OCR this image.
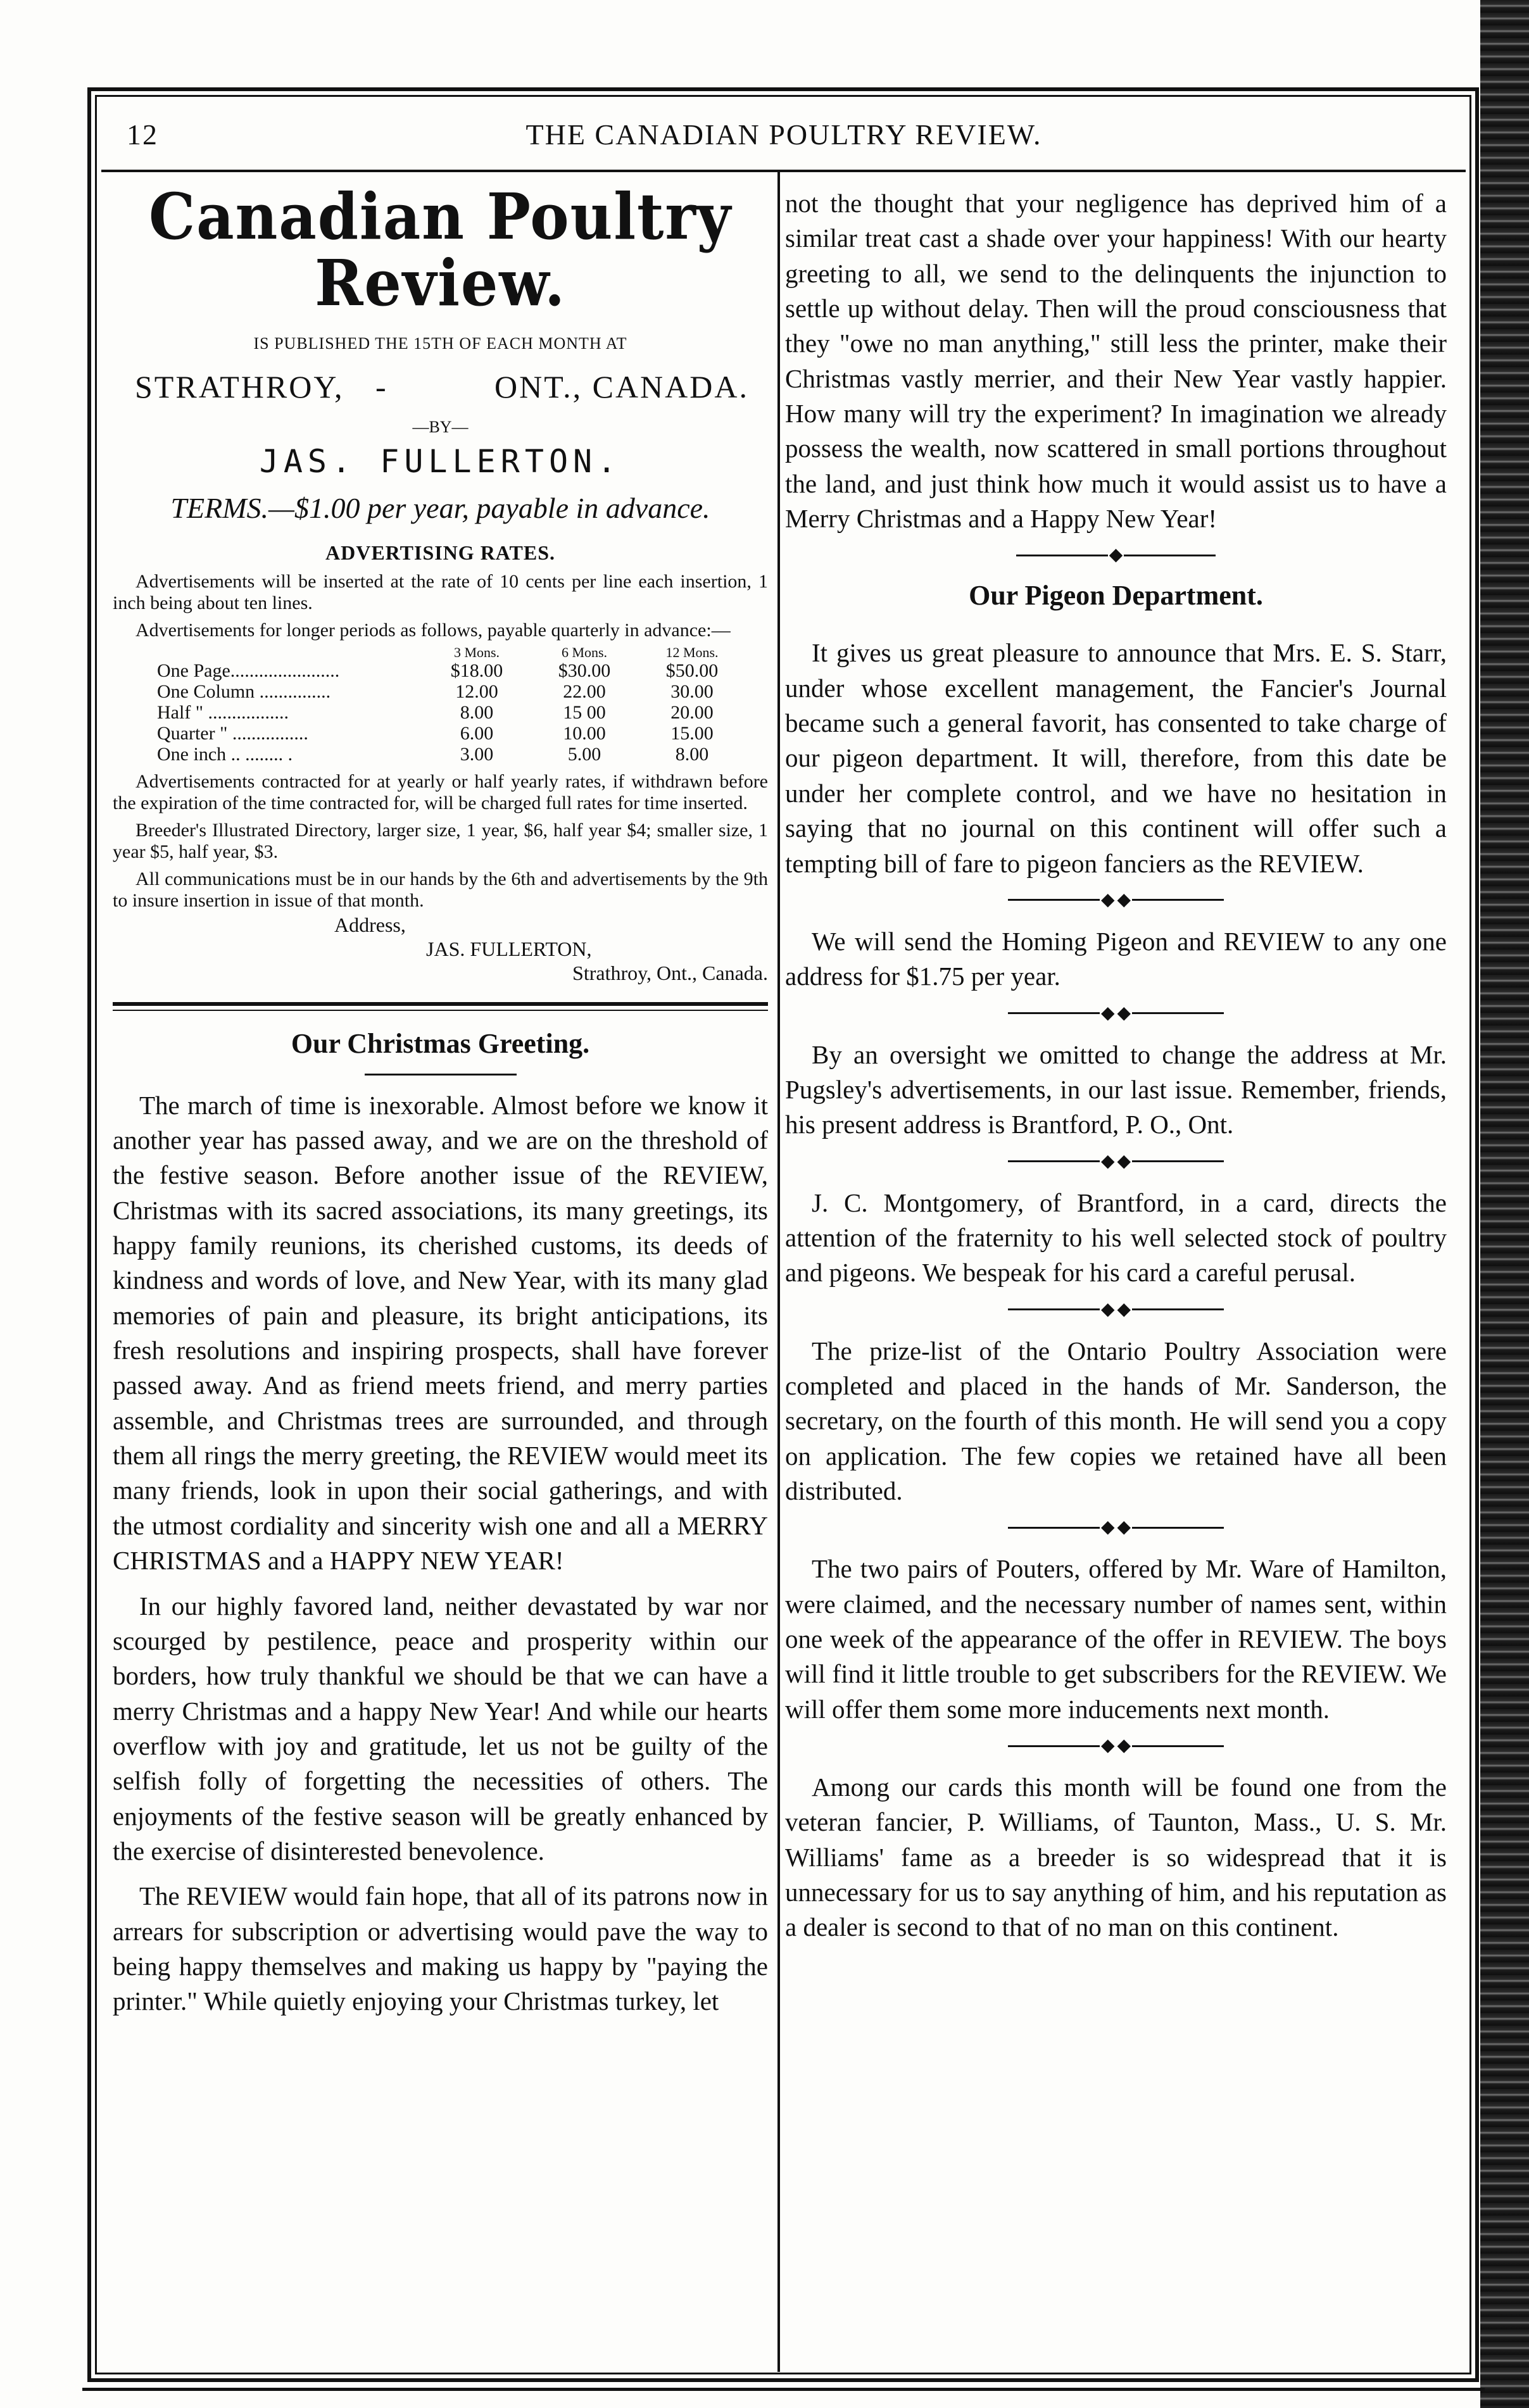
12	THE CANADIAN POULTRY REVIEW.
Canadian Poultry Review.
IS PUBLISHED THE 15TH OF EACH MONTH AT
STRATHROY, -	ONT., CANADA.
—BY—
JAS. FULLERTON.
TERMS.—$1.00 per year, payable in advance.
ADVERTISING RATES.

Advertisements will be inserted at the rate of 10 cents per line each insertion, 1 inch being about ten lines.

Advertisements for longer periods as follows, payable quarterly in advance:—

	3 Mons.	6 Mons.	12 Mons.
One Page.......................	$18.00	$30.00	$50.00
One Column ...............	12.00	22.00	30.00
Half " .................	8.00	15 00	20.00
Quarter " ................	6.00	10.00	15.00
One inch .. ........ .	3.00	5.00	8.00

Advertisements contracted for at yearly or half yearly rates, if withdrawn before the expiration of the time contracted for, will be charged full rates for time inserted.

Breeder's Illustrated Directory, larger size, 1 year, $6, half year $4; smaller size, 1 year $5, half year, $3.

All communications must be in our hands by the 6th and advertisements by the 9th to insure insertion in issue of that month.

Address,
JAS. FULLERTON,
Strathroy, Ont., Canada.
Our Christmas Greeting.

The march of time is inexorable. Almost before we know it another year has passed away, and we are on the threshold of the festive season. Before another issue of the REVIEW, Christmas with its sacred associations, its many greetings, its happy family reunions, its cherished customs, its deeds of kindness and words of love, and New Year, with its many glad memories of pain and pleasure, its bright anticipations, its fresh resolutions and inspiring prospects, shall have forever passed away. And as friend meets friend, and merry parties assemble, and Christmas trees are surrounded, and through them all rings the merry greeting, the REVIEW would meet its many friends, look in upon their social gatherings, and with the utmost cordiality and sincerity wish one and all a MERRY CHRISTMAS and a HAPPY NEW YEAR!

In our highly favored land, neither devastated by war nor scourged by pestilence, peace and prosperity within our borders, how truly thankful we should be that we can have a merry Christmas and a happy New Year! And while our hearts overflow with joy and gratitude, let us not be guilty of the selfish folly of forgetting the necessities of others. The enjoyments of the festive season will be greatly enhanced by the exercise of disinterested benevolence.

The REVIEW would fain hope, that all of its patrons now in arrears for subscription or advertising would pave the way to being happy themselves and making us happy by "paying the printer." While quietly enjoying your Christmas turkey, let

not the thought that your negligence has deprived him of a similar treat cast a shade over your happiness! With our hearty greeting to all, we send to the delinquents the injunction to settle up without delay. Then will the proud consciousness that they "owe no man anything," still less the printer, make their Christmas vastly merrier, and their New Year vastly happier. How many will try the experiment? In imagination we already possess the wealth, now scattered in small portions throughout the land, and just think how much it would assist us to have a Merry Christmas and a Happy New Year!

◆
Our Pigeon Department.

It gives us great pleasure to announce that Mrs. E. S. Starr, under whose excellent management, the Fancier's Journal became such a general favorit, has consented to take charge of our pigeon department. It will, therefore, from this date be under her complete control, and we have no hesitation in saying that no journal on this continent will offer such a tempting bill of fare to pigeon fanciers as the REVIEW.

◆ ◆

We will send the Homing Pigeon and REVIEW to any one address for $1.75 per year.

◆ ◆

By an oversight we omitted to change the address at Mr. Pugsley's advertisements, in our last issue. Remember, friends, his present address is Brantford, P. O., Ont.

◆ ◆

J. C. Montgomery, of Brantford, in a card, directs the attention of the fraternity to his well selected stock of poultry and pigeons. We bespeak for his card a careful perusal.

◆ ◆

The prize-list of the Ontario Poultry Association were completed and placed in the hands of Mr. Sanderson, the secretary, on the fourth of this month. He will send you a copy on application. The few copies we retained have all been distributed.

◆ ◆

The two pairs of Pouters, offered by Mr. Ware of Hamilton, were claimed, and the necessary number of names sent, within one week of the appearance of the offer in REVIEW. The boys will find it little trouble to get subscribers for the REVIEW. We will offer them some more inducements next month.

◆ ◆

Among our cards this month will be found one from the veteran fancier, P. Williams, of Taunton, Mass., U. S. Mr. Williams' fame as a breeder is so widespread that it is unnecessary for us to say anything of him, and his reputation as a dealer is second to that of no man on this continent.
